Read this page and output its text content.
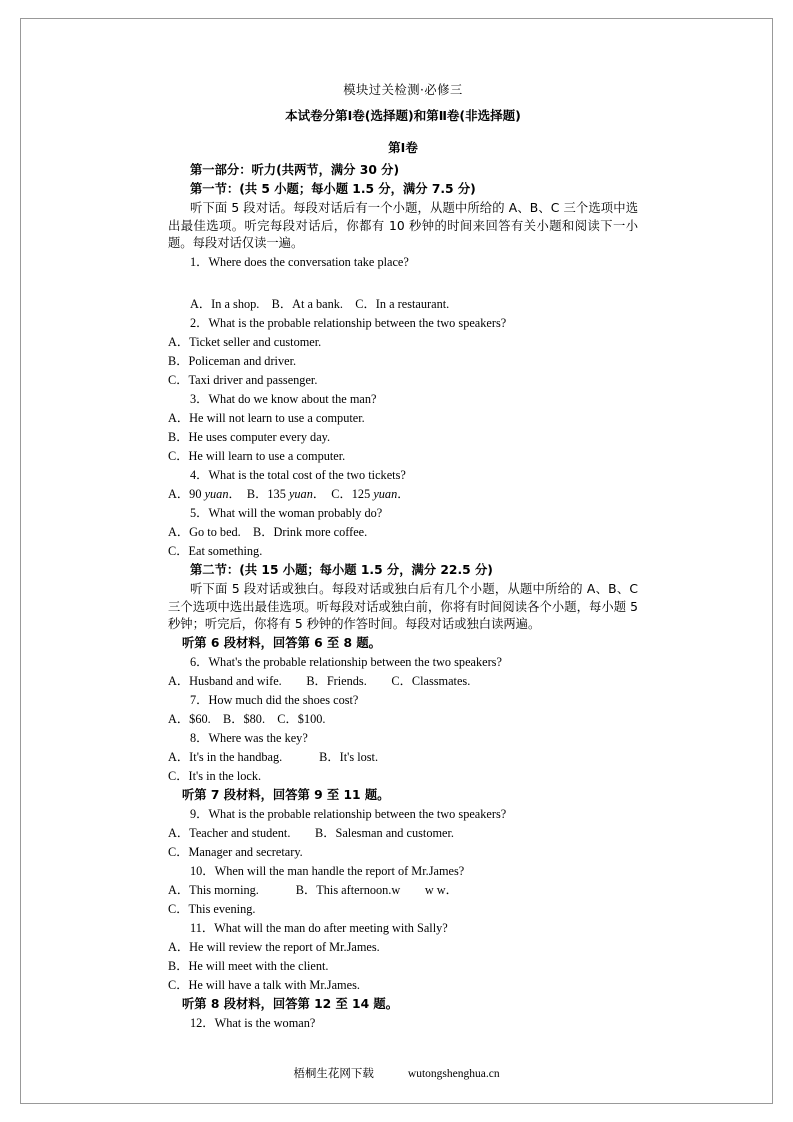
模块过关检测·必修三
本试卷分第Ⅰ卷(选择题)和第Ⅱ卷(非选择题)
第Ⅰ卷

第一部分：听力(共两节，满分 30 分)

第一节：(共 5 小题；每小题 1.5 分，满分 7.5 分)

听下面 5 段对话。每段对话后有一个小题，从题中所给的 A、B、C 三个选项中选出最佳选项。听完每段对话后，你都有 10 秒钟的时间来回答有关小题和阅读下一小题。每段对话仅读一遍。

1．Where does the conversation take place?

A．In a shop.　B．At a bank.　C．In a restaurant.

2．What is the probable relationship between the two speakers?

A．Ticket seller and customer.

B．Policeman and driver.

C．Taxi driver and passenger.

3．What do we know about the man?

A．He will not learn to use a computer.

B．He uses computer every day.

C．He will learn to use a computer.

4．What is the total cost of the two tickets?

A．90 yuan．　B．135 yuan．　C．125 yuan．

5．What will the woman probably do?

A．Go to bed.　B．Drink more coffee.

C．Eat something.

第二节：(共 15 小题；每小题 1.5 分，满分 22.5 分)

听下面 5 段对话或独白。每段对话或独白后有几个小题，从题中所给的 A、B、C 三个选项中选出最佳选项。听每段对话或独白前，你将有时间阅读各个小题，每小题 5 秒钟；听完后，你将有 5 秒钟的作答时间。每段对话或独白读两遍。

听第 6 段材料，回答第 6 至 8 题。

6．What's the probable relationship between the two speakers?

A．Husband and wife.　　B．Friends.　　C．Classmates.

7．How much did the shoes cost?

A．$60.　B．$80.　C．$100.

8．Where was the key?

A．It's in the handbag.　　　B．It's lost.

C．It's in the lock.

听第 7 段材料，回答第 9 至 11 题。

9．What is the probable relationship between the two speakers?

A．Teacher and student.　　B．Salesman and customer.

C．Manager and secretary.

10．When will the man handle the report of Mr.James?

A．This morning.　　　B．This afternoon.w　　w w．

C．This evening.

11．What will the man do after meeting with Sally?

A．He will review the report of Mr.James.

B．He will meet with the client.

C．He will have a talk with Mr.James.

听第 8 段材料，回答第 12 至 14 题。

12．What is the woman?

梧桐生花网下载	wutongshenghua.cn
